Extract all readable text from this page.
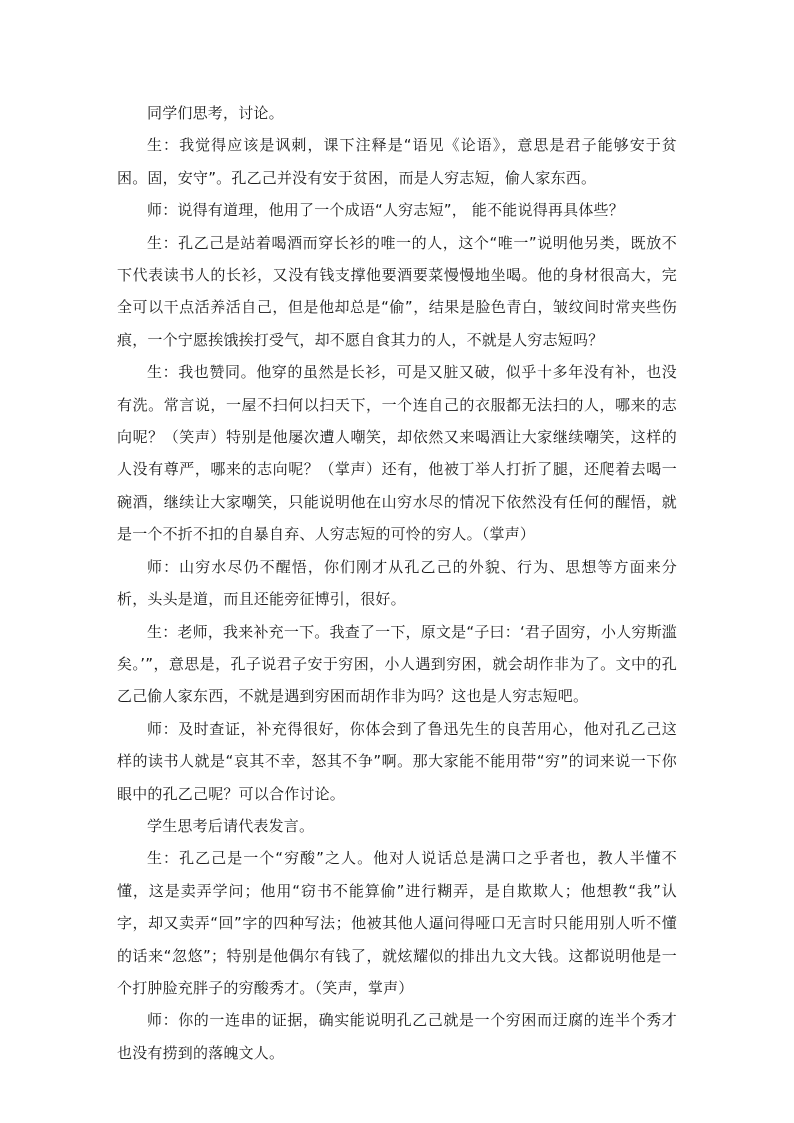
同学们思考，讨论。

生：我觉得应该是讽刺，课下注释是“语见《论语》，意思是君子能够安于贫困。固，安守”。孔乙己并没有安于贫困，而是人穷志短，偷人家东西。

师：说得有道理，他用了一个成语“人穷志短”， 能不能说得再具体些？

生：孔乙己是站着喝酒而穿长衫的唯一的人，这个“唯一”说明他另类，既放不下代表读书人的长衫，又没有钱支撑他要酒要菜慢慢地坐喝。他的身材很高大，完全可以干点活养活自己，但是他却总是“偷”，结果是脸色青白，皱纹间时常夹些伤痕，一个宁愿挨饿挨打受气，却不愿自食其力的人，不就是人穷志短吗？

生：我也赞同。他穿的虽然是长衫，可是又脏又破，似乎十多年没有补，也没有洗。常言说，一屋不扫何以扫天下，一个连自己的衣服都无法扫的人，哪来的志向呢？（笑声）特别是他屡次遭人嘲笑，却依然又来喝酒让大家继续嘲笑，这样的人没有尊严，哪来的志向呢？（掌声）还有，他被丁举人打折了腿，还爬着去喝一碗酒，继续让大家嘲笑，只能说明他在山穷水尽的情况下依然没有任何的醒悟，就是一个不折不扣的自暴自弃、人穷志短的可怜的穷人。（掌声）

师：山穷水尽仍不醒悟，你们刚才从孔乙己的外貌、行为、思想等方面来分析，头头是道，而且还能旁征博引，很好。

生：老师，我来补充一下。我查了一下，原文是“子曰：‘君子固穷，小人穷斯滥矣。’”，意思是，孔子说君子安于穷困，小人遇到穷困，就会胡作非为了。文中的孔乙己偷人家东西，不就是遇到穷困而胡作非为吗？这也是人穷志短吧。

师：及时查证，补充得很好，你体会到了鲁迅先生的良苦用心，他对孔乙己这样的读书人就是“哀其不幸，怒其不争”啊。那大家能不能用带“穷”的词来说一下你眼中的孔乙己呢？可以合作讨论。

学生思考后请代表发言。

生：孔乙己是一个“穷酸”之人。他对人说话总是满口之乎者也，教人半懂不懂，这是卖弄学问；他用“窃书不能算偷”进行糊弄，是自欺欺人；他想教“我”认字，却又卖弄“回”字的四种写法；他被其他人逼问得哑口无言时只能用别人听不懂的话来“忽悠”；特别是他偶尔有钱了，就炫耀似的排出九文大钱。这都说明他是一个打肿脸充胖子的穷酸秀才。（笑声，掌声）

师：你的一连串的证据，确实能说明孔乙己就是一个穷困而迂腐的连半个秀才也没有捞到的落魄文人。
